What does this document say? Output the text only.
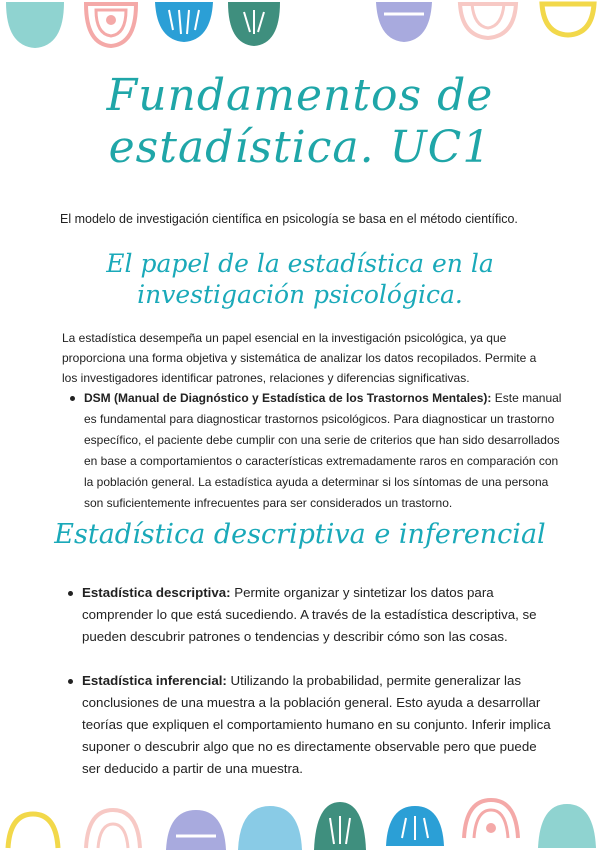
Fundamentos de estadística. UC1

El modelo de investigación científica en psicología se basa en el método científico.

El papel de la estadística en la investigación psicológica.

La estadística desempeña un papel esencial en la investigación psicológica, ya que proporciona una forma objetiva y sistemática de analizar los datos recopilados. Permite a los investigadores identificar patrones, relaciones y diferencias significativas.

DSM (Manual de Diagnóstico y Estadística de los Trastornos Mentales): Este manual es fundamental para diagnosticar trastornos psicológicos. Para diagnosticar un trastorno específico, el paciente debe cumplir con una serie de criterios que han sido desarrollados en base a comportamientos o características extremadamente raros en comparación con la población general. La estadística ayuda a determinar si los síntomas de una persona son suficientemente infrecuentes para ser considerados un trastorno.
Estadística descriptiva e inferencial
Estadística descriptiva: Permite organizar y sintetizar los datos para comprender lo que está sucediendo. A través de la estadística descriptiva, se pueden descubrir patrones o tendencias y describir cómo son las cosas.
Estadística inferencial: Utilizando la probabilidad, permite generalizar las conclusiones de una muestra a la población general. Esto ayuda a desarrollar teorías que expliquen el comportamiento humano en su conjunto. Inferir implica suponer o descubrir algo que no es directamente observable pero que puede ser deducido a partir de una muestra.
